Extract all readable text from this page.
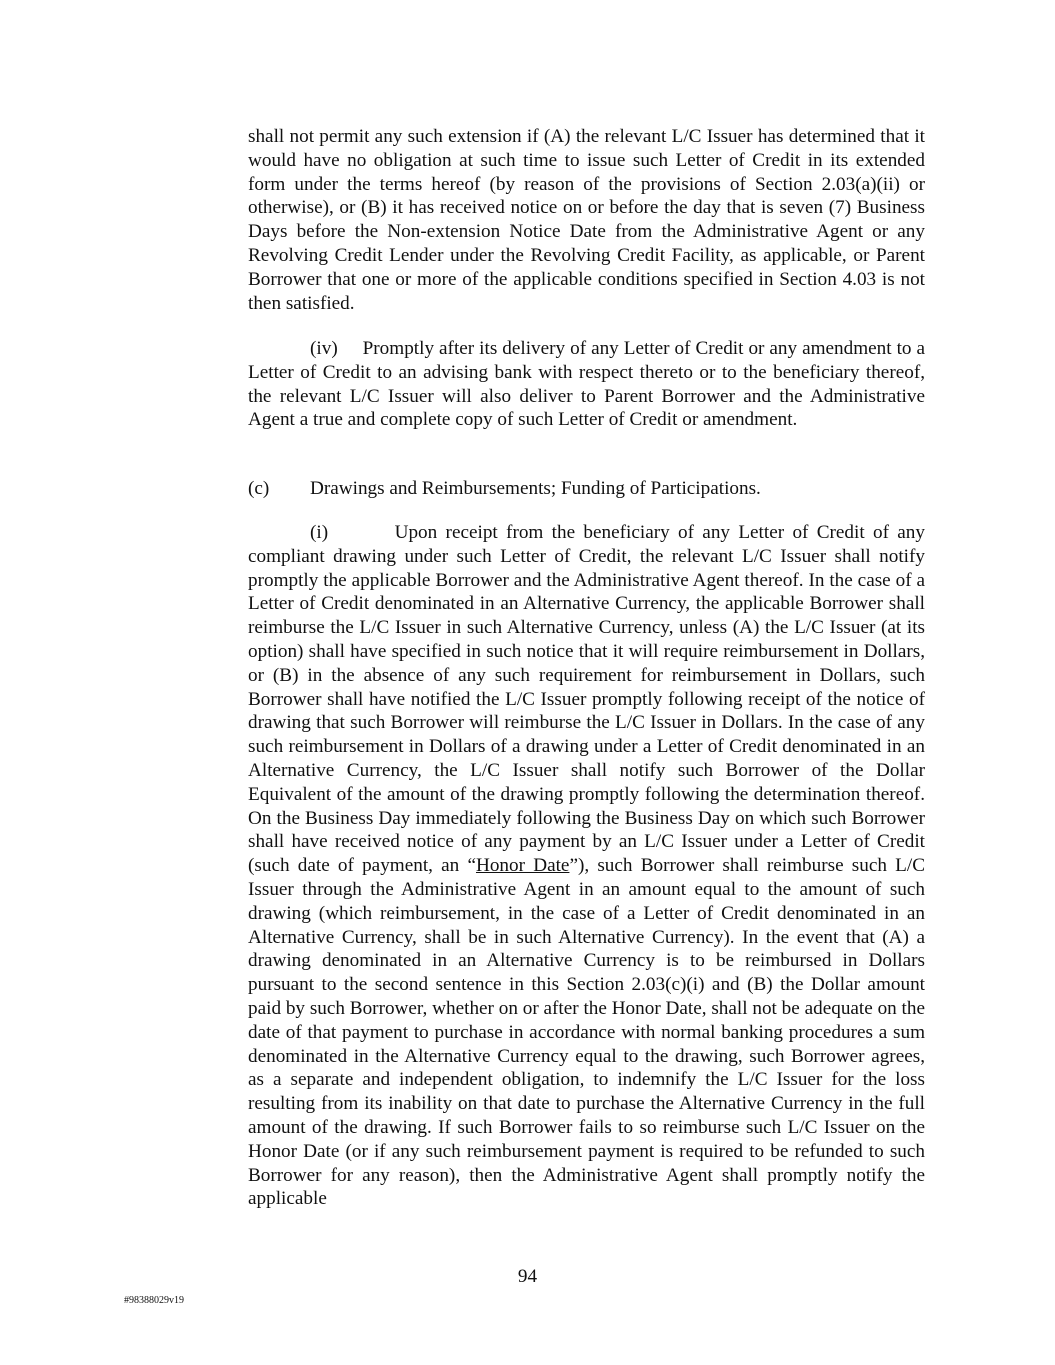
shall not permit any such extension if (A) the relevant L/C Issuer has determined that it would have no obligation at such time to issue such Letter of Credit in its extended form under the terms hereof (by reason of the provisions of Section 2.03(a)(ii) or otherwise), or (B) it has received notice on or before the day that is seven (7) Business Days before the Non-extension Notice Date from the Administrative Agent or any Revolving Credit Lender under the Revolving Credit Facility, as applicable, or Parent Borrower that one or more of the applicable conditions specified in Section 4.03 is not then satisfied.

(iv) Promptly after its delivery of any Letter of Credit or any amendment to a Letter of Credit to an advising bank with respect thereto or to the beneficiary thereof, the relevant L/C Issuer will also deliver to Parent Borrower and the Administrative Agent a true and complete copy of such Letter of Credit or amendment.

(c) Drawings and Reimbursements; Funding of Participations.

(i)	Upon receipt from the beneficiary of any Letter of Credit of any compliant drawing under such Letter of Credit, the relevant L/C Issuer shall notify promptly the applicable Borrower and the Administrative Agent thereof. In the case of a Letter of Credit denominated in an Alternative Currency, the applicable Borrower shall reimburse the L/C Issuer in such Alternative Currency, unless (A) the L/C Issuer (at its option) shall have specified in such notice that it will require reimbursement in Dollars, or (B) in the absence of any such requirement for reimbursement in Dollars, such Borrower shall have notified the L/C Issuer promptly following receipt of the notice of drawing that such Borrower will reimburse the L/C Issuer in Dollars. In the case of any such reimbursement in Dollars of a drawing under a Letter of Credit denominated in an Alternative Currency, the L/C Issuer shall notify such Borrower of the Dollar Equivalent of the amount of the drawing promptly following the determination thereof. On the Business Day immediately following the Business Day on which such Borrower shall have received notice of any payment by an L/C Issuer under a Letter of Credit (such date of payment, an “Honor Date”), such Borrower shall reimburse such L/C Issuer through the Administrative Agent in an amount equal to the amount of such drawing (which reimbursement, in the case of a Letter of Credit denominated in an Alternative Currency, shall be in such Alternative Currency). In the event that (A) a drawing denominated in an Alternative Currency is to be reimbursed in Dollars pursuant to the second sentence in this Section 2.03(c)(i) and (B) the Dollar amount paid by such Borrower, whether on or after the Honor Date, shall not be adequate on the date of that payment to purchase in accordance with normal banking procedures a sum denominated in the Alternative Currency equal to the drawing, such Borrower agrees, as a separate and independent obligation, to indemnify the L/C Issuer for the loss resulting from its inability on that date to purchase the Alternative Currency in the full amount of the drawing. If such Borrower fails to so reimburse such L/C Issuer on the Honor Date (or if any such reimbursement payment is required to be refunded to such Borrower for any reason), then the Administrative Agent shall promptly notify the applicable

94
#98388029v19
